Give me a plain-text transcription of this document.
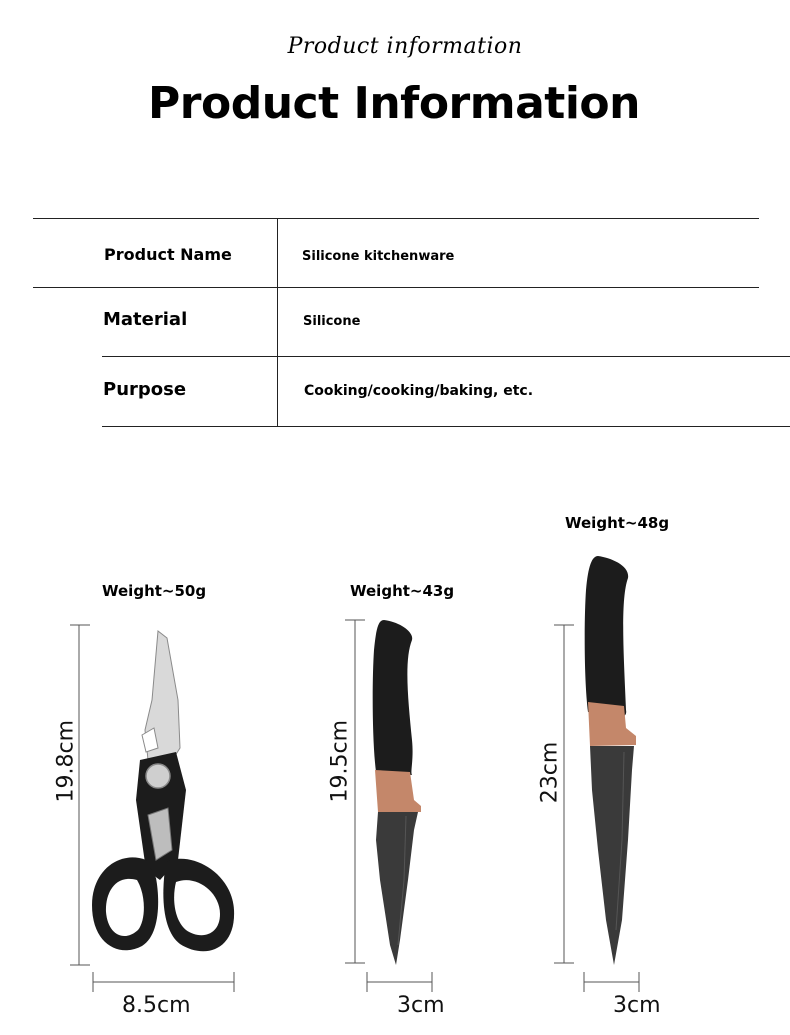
Product information
Product Information
Product Name	Silicone kitchenware
Material	Silicone
Purpose	Cooking/cooking/baking, etc.
Weight~50g	Weight~43g
Weight~48g
19.8cm
8.5cm
19.5cm
3cm
23cm
3cm
